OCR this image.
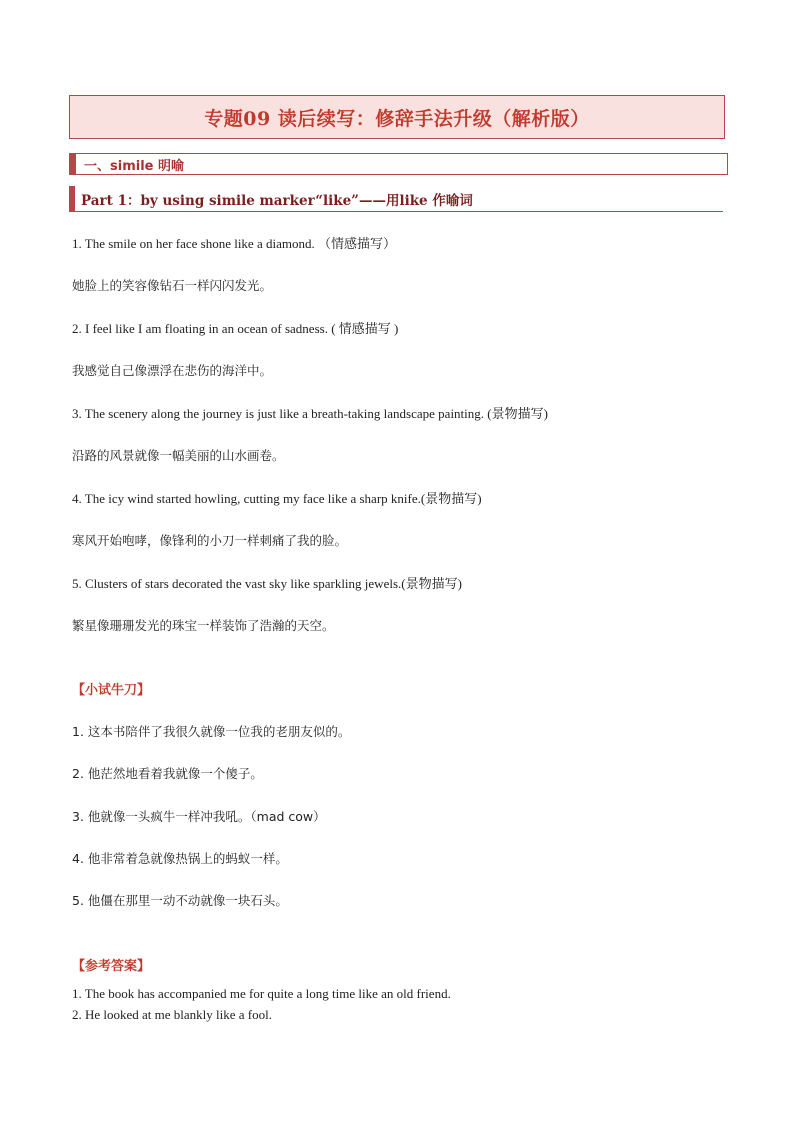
专题09 读后续写：修辞手法升级（解析版）
一、simile 明喻
Part 1：by using simile marker“like”——用like 作喻词
1. The smile on her face shone like a diamond. （情感描写）
她脸上的笑容像钻石一样闪闪发光。
2. I feel like I am floating in an ocean of sadness. ( 情感描写 )
我感觉自己像漂浮在悲伤的海洋中。
3. The scenery along the journey is just like a breath-taking landscape painting. (景物描写)
沿路的风景就像一幅美丽的山水画卷。
4. The icy wind started howling, cutting my face like a sharp knife.(景物描写)
寒风开始咆哮，像锋利的小刀一样刺痛了我的脸。
5. Clusters of stars decorated the vast sky like sparkling jewels.(景物描写)
繁星像珊珊发光的珠宝一样装饰了浩瀚的天空。
【小试牛刀】
1. 这本书陪伴了我很久就像一位我的老朋友似的。
2. 他茫然地看着我就像一个傻子。
3. 他就像一头疯牛一样冲我吼。（mad cow）
4. 他非常着急就像热锅上的蚂蚁一样。
5. 他僵在那里一动不动就像一块石头。
【参考答案】
1. The book has accompanied me for quite a long time like an old friend.
2. He looked at me blankly like a fool.
